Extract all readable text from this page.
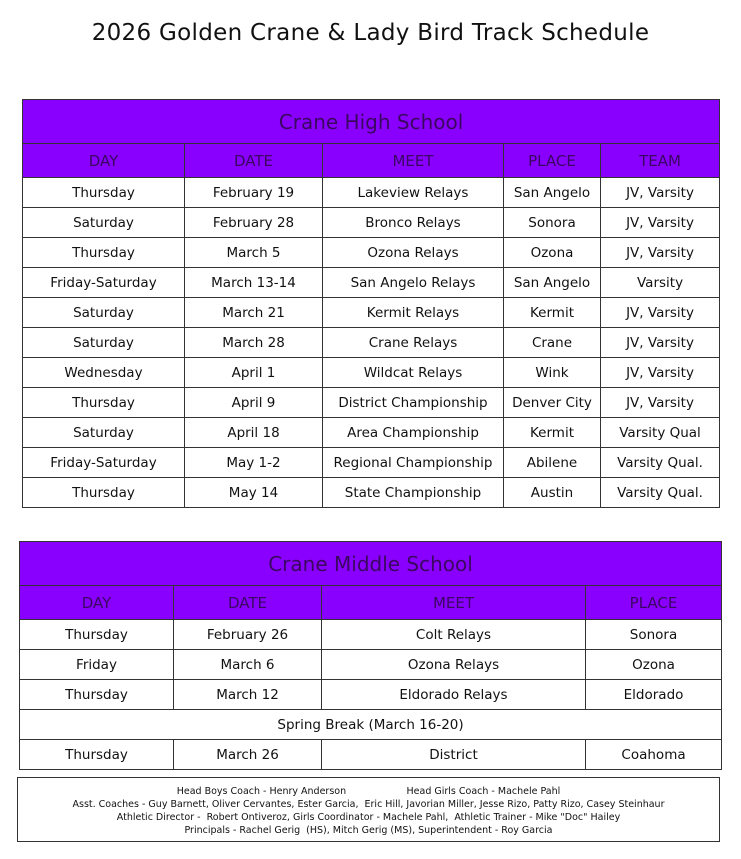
2026 Golden Crane & Lady Bird Track Schedule
Crane High School				
DAY	DATE	MEET	PLACE	TEAM
Thursday	February 19	Lakeview Relays	San Angelo	JV, Varsity
Saturday	February 28	Bronco Relays	Sonora	JV, Varsity
Thursday	March 5	Ozona Relays	Ozona	JV, Varsity
Friday-Saturday	March 13-14	San Angelo Relays	San Angelo	Varsity
Saturday	March 21	Kermit Relays	Kermit	JV, Varsity
Saturday	March 28	Crane Relays	Crane	JV, Varsity
Wednesday	April 1	Wildcat Relays	Wink	JV, Varsity
Thursday	April 9	District Championship	Denver City	JV, Varsity
Saturday	April 18	Area Championship	Kermit	Varsity Qual
Friday-Saturday	May 1-2	Regional Championship	Abilene	Varsity Qual.
Thursday	May 14	State Championship	Austin	Varsity Qual.
Crane Middle School			
DAY	DATE	MEET	PLACE
Thursday	February 26	Colt Relays	Sonora
Friday	March 6	Ozona Relays	Ozona
Thursday	March 12	Eldorado Relays	Eldorado
Spring Break (March 16-20)			
Thursday	March 26	District	Coahoma
Head Boys Coach - Henry Anderson                    Head Girls Coach - Machele Pahl
Asst. Coaches - Guy Barnett, Oliver Cervantes, Ester Garcia,  Eric Hill, Javorian Miller, Jesse Rizo, Patty Rizo, Casey Steinhaur
Athletic Director -  Robert Ontiveroz, Girls Coordinator - Machele Pahl,  Athletic Trainer - Mike "Doc" Hailey
Principals - Rachel Gerig  (HS), Mitch Gerig (MS), Superintendent - Roy Garcia
